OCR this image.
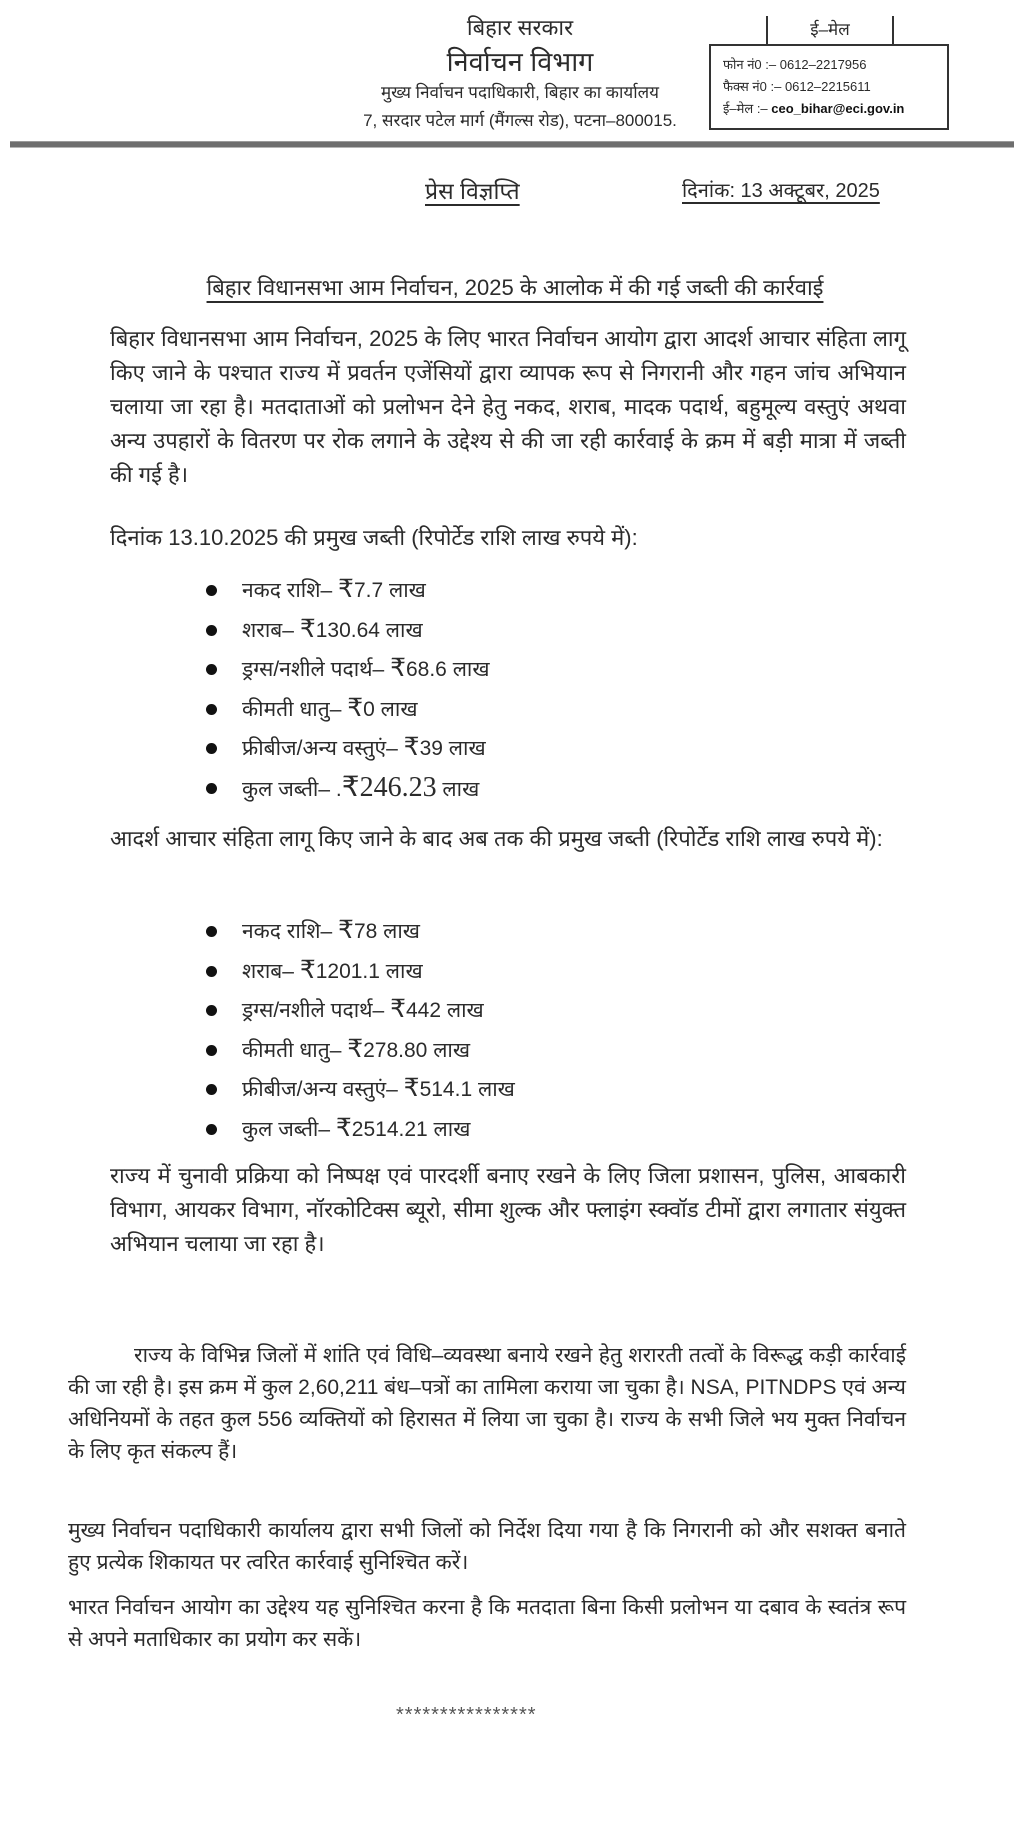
बिहार सरकार
निर्वाचन विभाग
मुख्य निर्वाचन पदाधिकारी, बिहार का कार्यालय
7, सरदार पटेल मार्ग (मैंगल्स रोड), पटना–800015.
ई–मेल
फोन नं0 :– 0612–2217956
फैक्स नं0 :– 0612–2215611
ई–मेल :– ceo_bihar@eci.gov.in
प्रेस विज्ञप्ति	दिनांक: 13 अक्टूबर, 2025
बिहार विधानसभा आम निर्वाचन, 2025 के आलोक में की गई जब्ती की कार्रवाई
बिहार विधानसभा आम निर्वाचन, 2025 के लिए भारत निर्वाचन आयोग द्वारा आदर्श आचार संहिता लागू किए जाने के पश्चात राज्य में प्रवर्तन एजेंसियों द्वारा व्यापक रूप से निगरानी और गहन जांच अभियान चलाया जा रहा है। मतदाताओं को प्रलोभन देने हेतु नकद, शराब, मादक पदार्थ, बहुमूल्य वस्तुएं अथवा अन्य उपहारों के वितरण पर रोक लगाने के उद्देश्य से की जा रही कार्रवाई के क्रम में बड़ी मात्रा में जब्ती की गई है।
दिनांक 13.10.2025 की प्रमुख जब्ती (रिपोर्टेड राशि लाख रुपये में):
नकद राशि– ₹7.7 लाख
शराब– ₹130.64 लाख
ड्रग्स/नशीले पदार्थ– ₹68.6 लाख
कीमती धातु– ₹0 लाख
फ्रीबीज/अन्य वस्तुएं– ₹39 लाख
कुल जब्ती– .₹246.23 लाख
आदर्श आचार संहिता लागू किए जाने के बाद अब तक की प्रमुख जब्ती (रिपोर्टेड राशि लाख रुपये में):
नकद राशि– ₹78 लाख
शराब– ₹1201.1 लाख
ड्रग्स/नशीले पदार्थ– ₹442 लाख
कीमती धातु– ₹278.80 लाख
फ्रीबीज/अन्य वस्तुएं– ₹514.1 लाख
कुल जब्ती– ₹2514.21 लाख
राज्य में चुनावी प्रक्रिया को निष्पक्ष एवं पारदर्शी बनाए रखने के लिए जिला प्रशासन, पुलिस, आबकारी विभाग, आयकर विभाग, नॉरकोटिक्स ब्यूरो, सीमा शुल्क और फ्लाइंग स्क्वॉड टीमों द्वारा लगातार संयुक्त अभियान चलाया जा रहा है।
राज्य के विभिन्न जिलों में शांति एवं विधि–व्यवस्था बनाये रखने हेतु शरारती तत्वों के विरूद्ध कड़ी कार्रवाई की जा रही है। इस क्रम में कुल 2,60,211 बंध–पत्रों का तामिला कराया जा चुका है। NSA, PITNDPS एवं अन्य अधिनियमों के तहत कुल 556 व्यक्तियों को हिरासत में लिया जा चुका है। राज्य के सभी जिले भय मुक्त निर्वाचन के लिए कृत संकल्प हैं।
मुख्य निर्वाचन पदाधिकारी कार्यालय द्वारा सभी जिलों को निर्देश दिया गया है कि निगरानी को और सशक्त बनाते हुए प्रत्येक शिकायत पर त्वरित कार्रवाई सुनिश्चित करें।
भारत निर्वाचन आयोग का उद्देश्य यह सुनिश्चित करना है कि मतदाता बिना किसी प्रलोभन या दबाव के स्वतंत्र रूप से अपने मताधिकार का प्रयोग कर सकें।
****************
